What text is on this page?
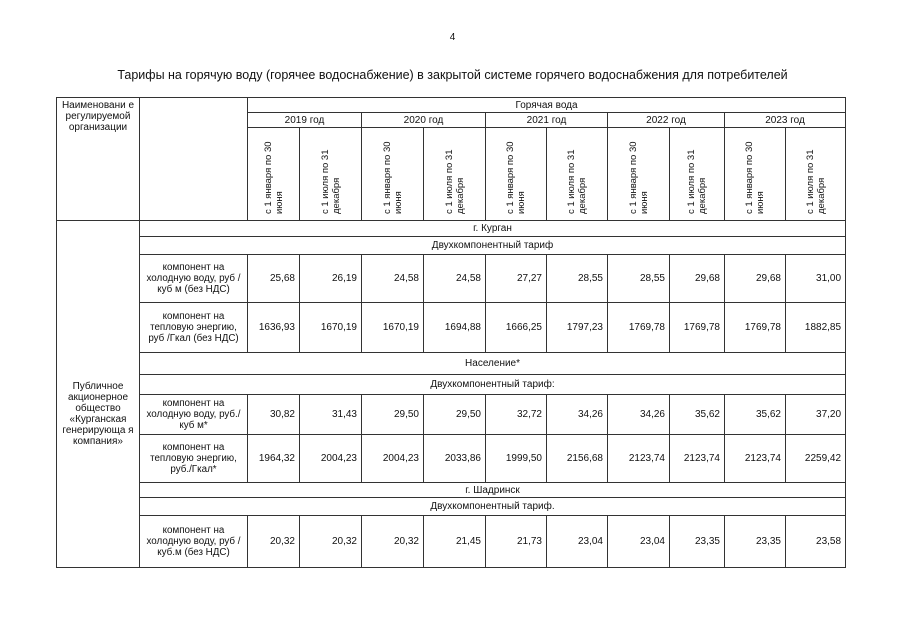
4
Тарифы на горячую воду (горячее водоснабжение) в закрытой системе горячего водоснабжения для потребителей
Наименовани е регулируемой организации		Горячая вода									
		2019 год		2020 год		2021 год		2022 год		2023 год	

		с 1 января по 30 июня	с 1 июля по 31 декабря	с 1 января по 30 июня	с 1 июля по 31 декабря	с 1 января по 30 июня	с 1 июля по 31 декабря	с 1 января по 30 июня	с 1 июля по 31 декабря	с 1 января по 30 июня	с 1 июля по 31 декабря

Публичное акционерное общество «Курганская генерирующа я компания»	г. Курган										
	Двухкомпонентный тариф										
	компонент на холодную воду, руб /куб м (без НДС)	25,68	26,19	24,58	24,58	27,27	28,55	28,55	29,68	29,68	31,00
	компонент на тепловую энергию, руб /Гкал (без НДС)	1636,93	1670,19	1670,19	1694,88	1666,25	1797,23	1769,78	1769,78	1769,78	1882,85
	Население*										
	Двухкомпонентный тариф:										
	компонент на холодную воду, руб./куб м*	30,82	31,43	29,50	29,50	32,72	34,26	34,26	35,62	35,62	37,20
	компонент на тепловую энергию, руб./Гкал*	1964,32	2004,23	2004,23	2033,86	1999,50	2156,68	2123,74	2123,74	2123,74	2259,42
	г. Шадринск										
	Двухкомпонентный тариф.										
	компонент на холодную воду, руб /куб.м (без НДС)	20,32	20,32	20,32	21,45	21,73	23,04	23,04	23,35	23,35	23,58
